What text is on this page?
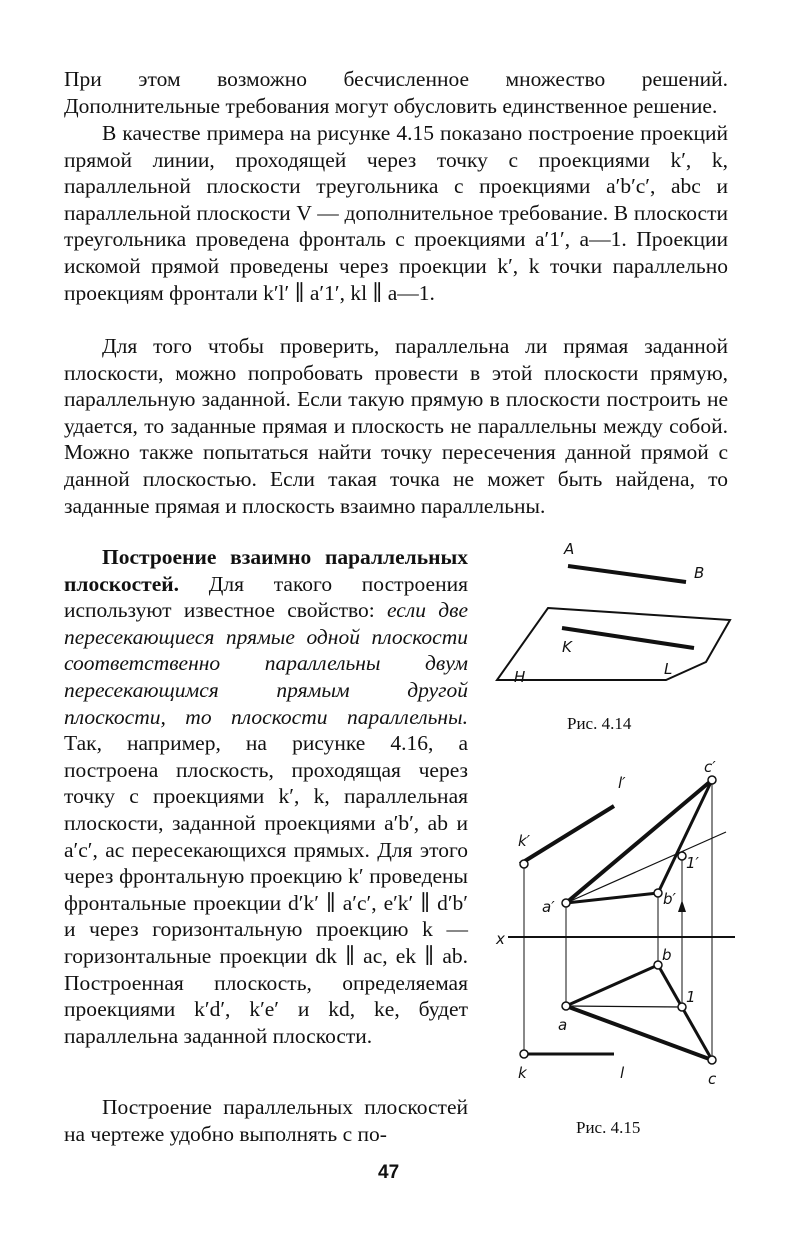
При этом возможно бесчисленное множество решений. Дополнительные требования могут обусловить единственное решение.

В качестве примера на рисунке 4.15 показано построение проекций прямой линии, проходящей через точку с проекциями k′, k, параллельной плоскости треугольника с проекциями a′b′c′, abc и параллельной плоскости V — дополнительное требование. В плоскости треугольника проведена фронталь с проекциями a′1′, a—1. Проекции искомой прямой проведены через проекции k′, k точки параллельно проекциям фронтали k′l′ ∥ a′1′, kl ∥ a—1.

Для того чтобы проверить, параллельна ли прямая заданной плоскости, можно попробовать провести в этой плоскости прямую, параллельную заданной. Если такую прямую в плоскости построить не удается, то заданные прямая и плоскость не параллельны между собой. Можно также попытаться найти точку пересечения данной прямой с данной плоскостью. Если такая точка не может быть найдена, то заданные прямая и плоскость взаимно параллельны.

Построение взаимно параллельных плоскостей. Для такого построения используют известное свойство: если две пересекающиеся прямые одной плоскости соответственно параллельны двум пересекающимся прямым другой плоскости, то плоскости параллельны. Так, например, на рисунке 4.16, a построена плоскость, проходящая через точку с проекциями k′, k, параллельная плоскости, заданной проекциями a′b′, ab и a′c′, ac пересекающихся прямых. Для этого через фронтальную проекцию k′ проведены фронтальные проекции d′k′ ∥ a′c′, e′k′ ∥ d′b′ и через горизонтальную проекцию k — горизонтальные проекции dk ∥ ac, ek ∥ ab. Построенная плоскость, определяемая проекциями k′d′, k′e′ и kd, ke, будет параллельна заданной плоскости.

Построение параллельных плоскостей на чертеже удобно выполнять с по-

A
B
K
L
H
Рис. 4.14
l′
c′
k′
1′
a′	b′
x
b
1
a
k	l	c
Рис. 4.15
47
